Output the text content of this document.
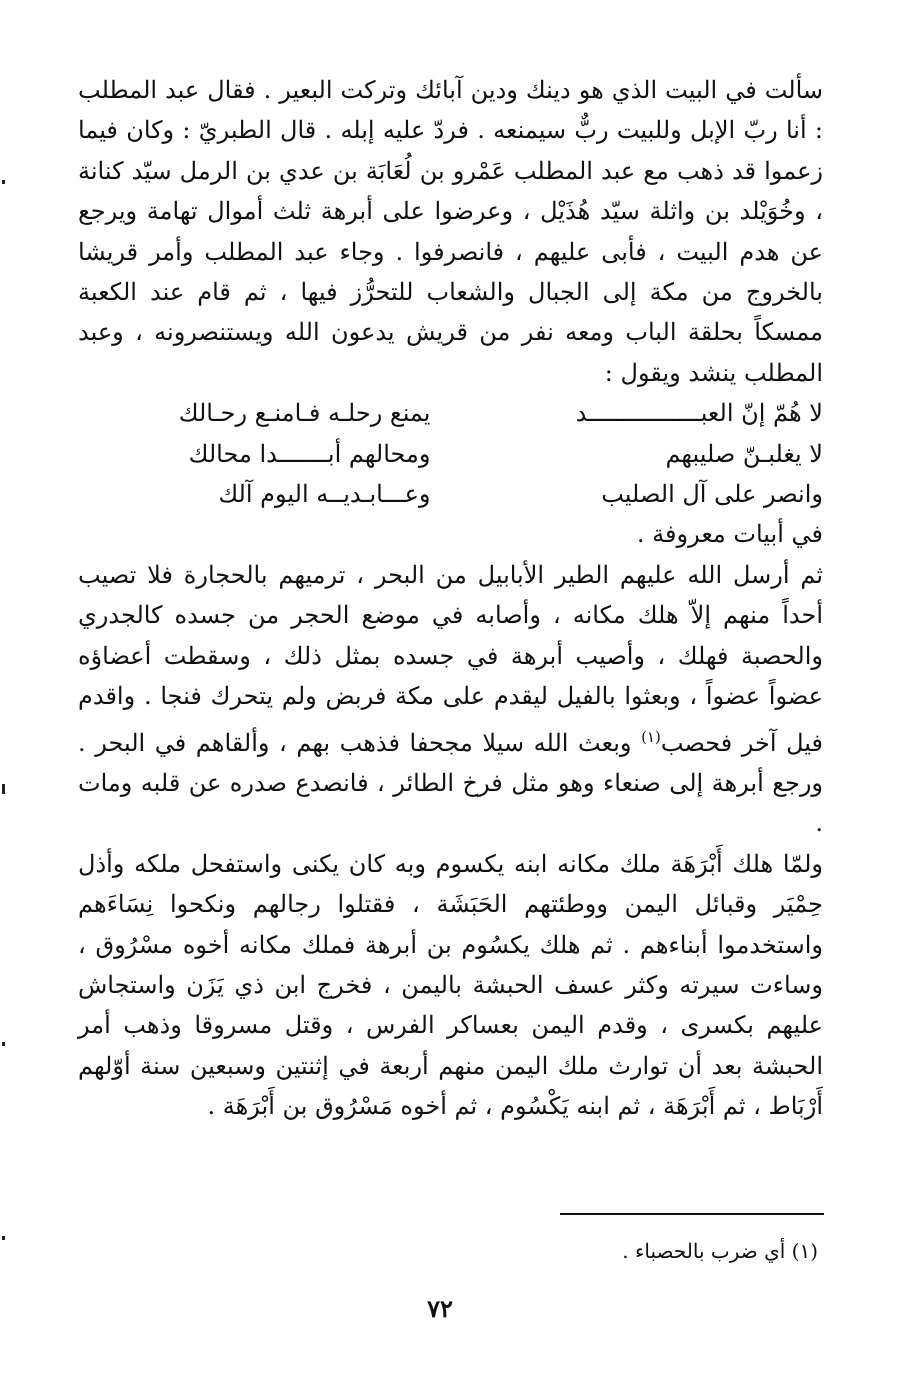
سألت في البيت الذي هو دينك ودين آبائك وتركت البعير . فقال عبد المطلب : أنا ربّ الإبل وللبيت ربٌّ سيمنعه . فردّ عليه إبله . قال الطبريّ : وكان فيما زعموا قد ذهب مع عبد المطلب عَمْرو بن لُعَابَة بن عدي بن الرمل سيّد كنانة ، وخُوَيْلد بن واثلة سيّد هُذَيْل ، وعرضوا على أبرهة ثلث أموال تهامة ويرجع عن هدم البيت ، فأبى عليهم ، فانصرفوا . وجاء عبد المطلب وأمر قريشا بالخروج من مكة إلى الجبال والشعاب للتحرُّز فيها ، ثم قام عند الكعبة ممسكاً بحلقة الباب ومعه نفر من قريش يدعون الله ويستنصرونه ، وعبد المطلب ينشد ويقول :

لا هُمّ إنّ العبــــــــــــــــد
يمنع رحلـه فـامنـع رحـالك
لا يغلبـنّ صليبهم
ومحالهم أبـــــــدا محالك
وانصر على آل الصليب
وعـــابـديــه اليوم آلك

في أبيات معروفة .

ثم أرسل الله عليهم الطير الأبابيل من البحر ، ترميهم بالحجارة فلا تصيب أحداً منهم إلاّ هلك مكانه ، وأصابه في موضع الحجر من جسده كالجدري والحصبة فهلك ، وأصيب أبرهة في جسده بمثل ذلك ، وسقطت أعضاؤه عضواً عضواً ، وبعثوا بالفيل ليقدم على مكة فربض ولم يتحرك فنجا . واقدم فيل آخر فحصب$^{(١)}$ وبعث الله سيلا مجحفا فذهب بهم ، وألقاهم في البحر . ورجع أبرهة إلى صنعاء وهو مثل فرخ الطائر ، فانصدع صدره عن قلبه ومات .

ولمّا هلك أَبْرَهَة ملك مكانه ابنه يكسوم وبه كان يكنى واستفحل ملكه وأذل حِمْيَر وقبائل اليمن ووطئتهم الحَبَشَة ، فقتلوا رجالهم ونكحوا نِسَاءَهم واستخدموا أبناءهم . ثم هلك يكسُوم بن أبرهة فملك مكانه أخوه مسْرُوق ، وساءت سيرته وكثر عسف الحبشة باليمن ، فخرج ابن ذي يَزَن واستجاش عليهم بكسرى ، وقدم اليمن بعساكر الفرس ، وقتل مسروقا وذهب أمر الحبشة بعد أن توارث ملك اليمن منهم أربعة في إثنتين وسبعين سنة أوّلهم أَرْبَاط ، ثم أَبْرَهَة ، ثم ابنه يَكْسُوم ، ثم أخوه مَسْرُوق بن أَبْرَهَة .

(١) أي ضرب بالحصباء .
٧٢
